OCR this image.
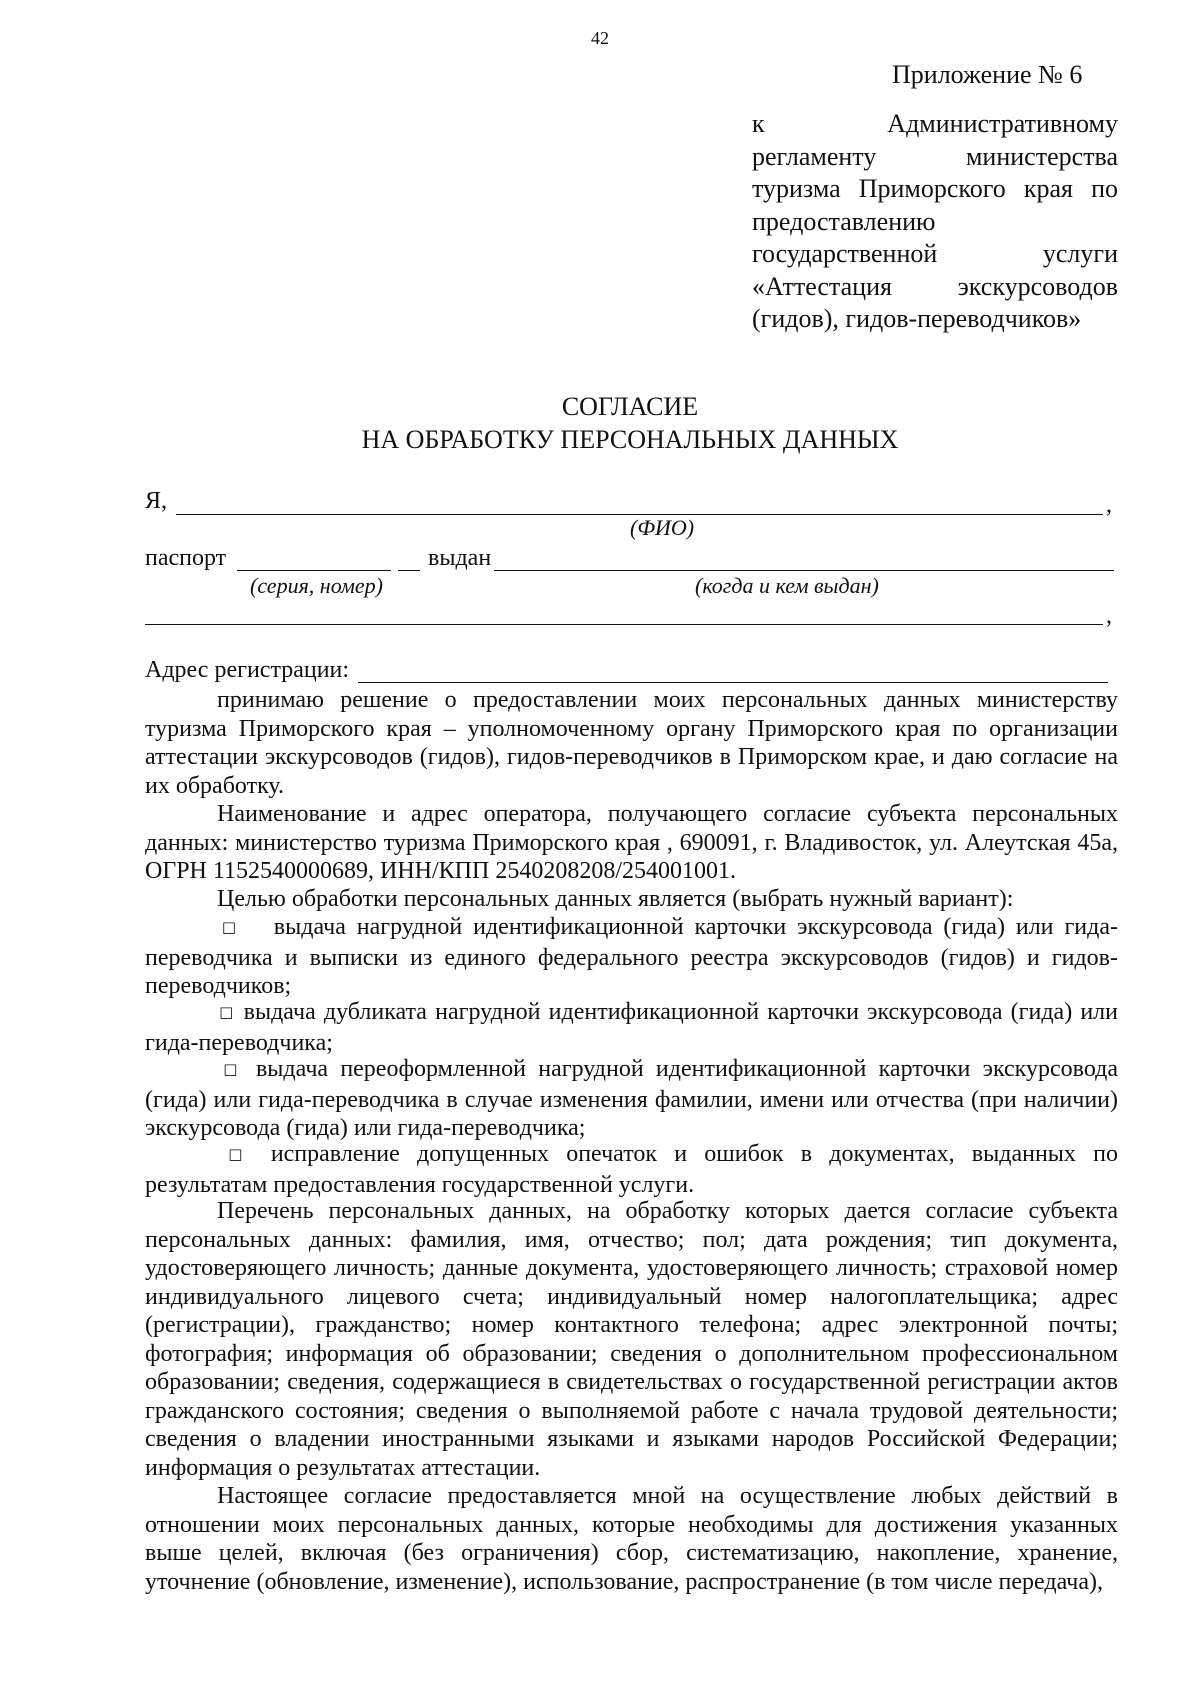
42
Приложение № 6
к Административному
регламенту министерства
туризма Приморского края по
предоставлению
государственной услуги
«Аттестация экскурсоводов
(гидов), гидов-переводчиков»
СОГЛАСИЕ
НА ОБРАБОТКУ ПЕРСОНАЛЬНЫХ ДАННЫХ
Я,	,
(ФИО)
паспорт	выдан
(серия, номер)	(когда и кем выдан)
,
Адрес регистрации:
принимаю решение о предоставлении моих персональных данных министерству туризма Приморского края – уполномоченному органу Приморского края по организации аттестации экскурсоводов (гидов), гидов-переводчиков в Приморском крае, и даю согласие на их обработку.
Наименование и адрес оператора, получающего согласие субъекта персональных данных: министерство туризма Приморского края , 690091, г. Владивосток, ул. Алеутская 45а, ОГРН 1152540000689, ИНН/КПП 2540208208/254001001.
Целью обработки персональных данных является (выбрать нужный вариант):
□ выдача нагрудной идентификационной карточки экскурсовода (гида) или гида-переводчика и выписки из единого федерального реестра экскурсоводов (гидов) и гидов-переводчиков;
□ выдача дубликата нагрудной идентификационной карточки экскурсовода (гида) или гида-переводчика;
□ выдача переоформленной нагрудной идентификационной карточки экскурсовода (гида) или гида-переводчика в случае изменения фамилии, имени или отчества (при наличии) экскурсовода (гида) или гида-переводчика;
□ исправление допущенных опечаток и ошибок в документах, выданных по результатам предоставления государственной услуги.
Перечень персональных данных, на обработку которых дается согласие субъекта персональных данных: фамилия, имя, отчество; пол; дата рождения; тип документа, удостоверяющего личность; данные документа, удостоверяющего личность; страховой номер индивидуального лицевого счета; индивидуальный номер налогоплательщика; адрес (регистрации), гражданство; номер контактного телефона; адрес электронной почты; фотография; информация об образовании; сведения о дополнительном профессиональном образовании; сведения, содержащиеся в свидетельствах о государственной регистрации актов гражданского состояния; сведения о выполняемой работе с начала трудовой деятельности; сведения о владении иностранными языками и языками народов Российской Федерации; информация о результатах аттестации.
Настоящее согласие предоставляется мной на осуществление любых действий в отношении моих персональных данных, которые необходимы для достижения указанных выше целей, включая (без ограничения) сбор, систематизацию, накопление, хранение, уточнение (обновление, изменение), использование, распространение (в том числе передача),
